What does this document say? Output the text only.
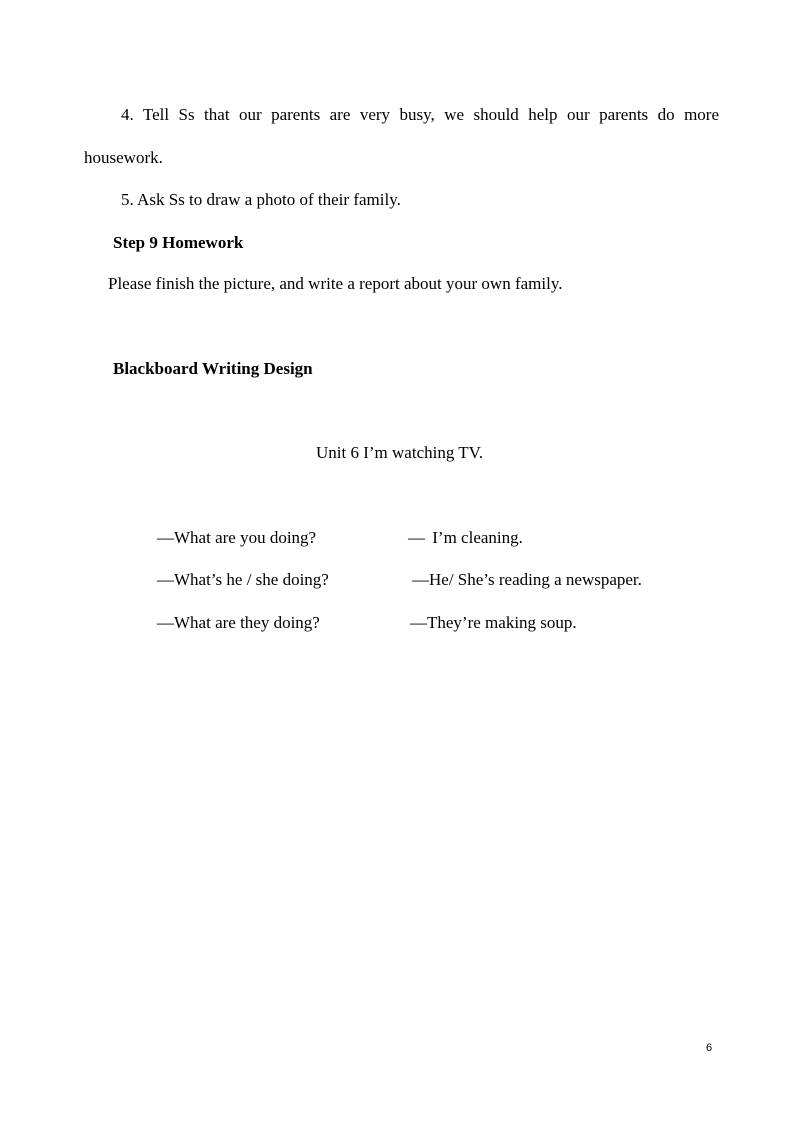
4. Tell Ss that our parents are very busy, we should help our parents do more
housework.
5. Ask Ss to draw a photo of their family.
Step 9 Homework
Please finish the picture, and write a report about your own family.
Blackboard Writing Design
Unit 6 I’m watching TV.
—What are you doing?	— I’m cleaning.
—What’s he / she doing?	—He/ She’s reading a newspaper.
—What are they doing?	—They’re making soup.
6
